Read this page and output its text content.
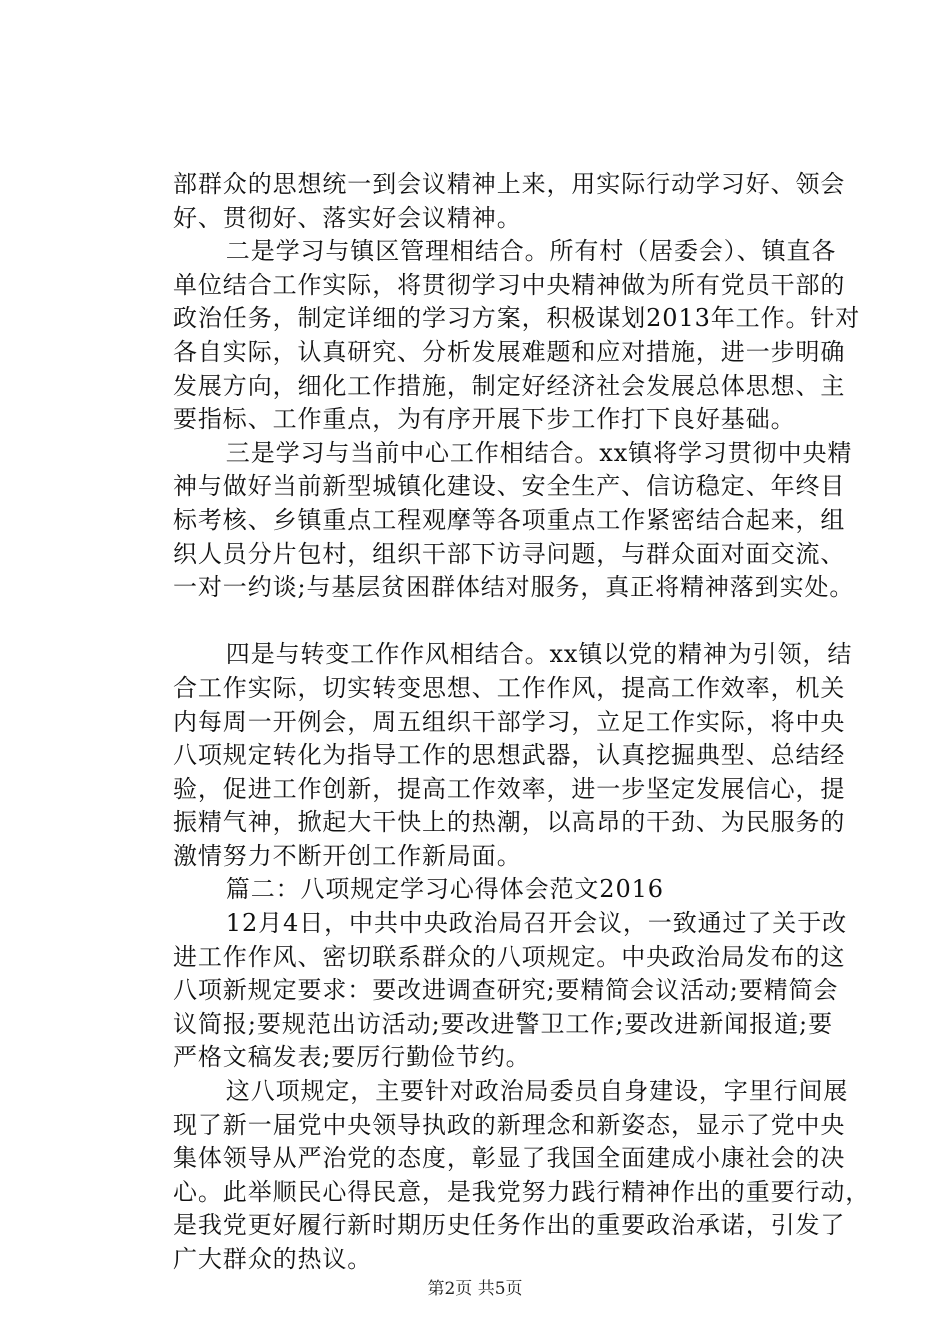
部群众的思想统一到会议精神上来，用实际行动学习好、领会
好、贯彻好、落实好会议精神。
　　二是学习与镇区管理相结合。所有村（居委会）、镇直各
单位结合工作实际，将贯彻学习中央精神做为所有党员干部的
政治任务，制定详细的学习方案，积极谋划2013年工作。针对
各自实际，认真研究、分析发展难题和应对措施，进一步明确
发展方向，细化工作措施，制定好经济社会发展总体思想、主
要指标、工作重点，为有序开展下步工作打下良好基础。
　　三是学习与当前中心工作相结合。xx镇将学习贯彻中央精
神与做好当前新型城镇化建设、安全生产、信访稳定、年终目
标考核、乡镇重点工程观摩等各项重点工作紧密结合起来，组
织人员分片包村，组织干部下访寻问题，与群众面对面交流、
一对一约谈;与基层贫困群体结对服务，真正将精神落到实处。
　　四是与转变工作作风相结合。xx镇以党的精神为引领，结
合工作实际，切实转变思想、工作作风，提高工作效率，机关
内每周一开例会，周五组织干部学习，立足工作实际，将中央
八项规定转化为指导工作的思想武器，认真挖掘典型、总结经
验，促进工作创新，提高工作效率，进一步坚定发展信心，提
振精气神，掀起大干快上的热潮，以高昂的干劲、为民服务的
激情努力不断开创工作新局面。
　　篇二：八项规定学习心得体会范文2016
　　12月4日，中共中央政治局召开会议，一致通过了关于改
进工作作风、密切联系群众的八项规定。中央政治局发布的这
八项新规定要求：要改进调查研究;要精简会议活动;要精简会
议简报;要规范出访活动;要改进警卫工作;要改进新闻报道;要
严格文稿发表;要厉行勤俭节约。
　　这八项规定，主要针对政治局委员自身建设，字里行间展
现了新一届党中央领导执政的新理念和新姿态，显示了党中央
集体领导从严治党的态度，彰显了我国全面建成小康社会的决
心。此举顺民心得民意，是我党努力践行精神作出的重要行动，
是我党更好履行新时期历史任务作出的重要政治承诺，引发了
广大群众的热议。
第2页 共5页
